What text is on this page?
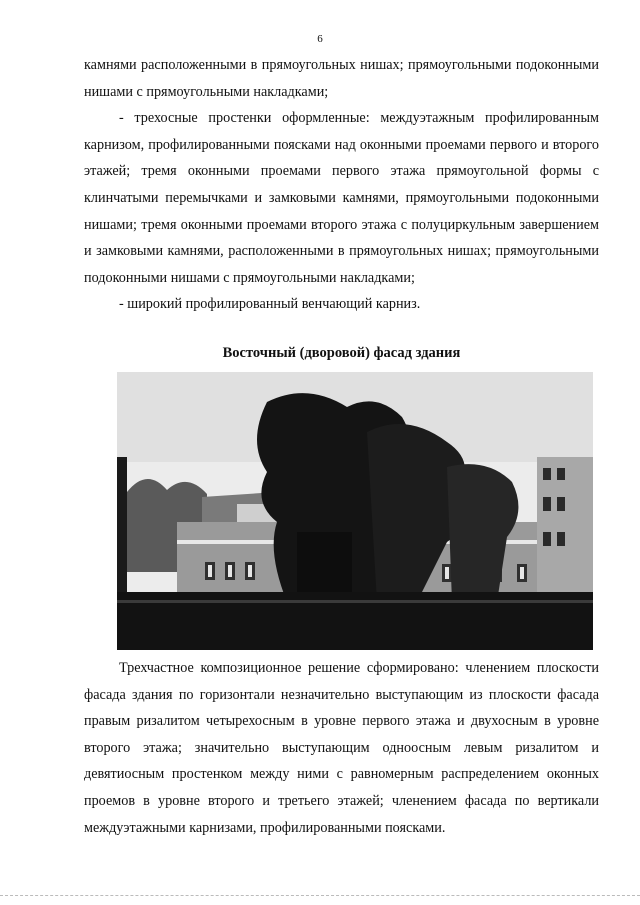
6

камнями расположенными в прямоугольных нишах; прямоугольными подоконными нишами с прямоугольными накладками;

- трехосные простенки оформленные: междуэтажным профилированным карнизом, профилированными поясками над оконными проемами первого и второго этажей; тремя оконными проемами первого этажа прямоугольной формы с клинчатыми перемычками и замковыми камнями, прямоугольными подоконными нишами; тремя оконными проемами второго этажа с полуциркульным завершением и замковыми камнями, расположенными в прямоугольных нишах; прямоугольными подоконными нишами с прямоугольными накладками;

- широкий профилированный венчающий карниз.

Восточный (дворовой) фасад здания

Трехчастное композиционное решение сформировано: членением плоскости фасада здания по горизонтали незначительно выступающим из плоскости фасада правым ризалитом четырехосным в уровне первого этажа и двухосным в уровне второго этажа; значительно выступающим одноосным левым ризалитом и девятиосным простенком между ними с равномерным распределением оконных проемов в уровне второго и третьего этажей; членением фасада по вертикали междуэтажными карнизами, профилированными поясками.
